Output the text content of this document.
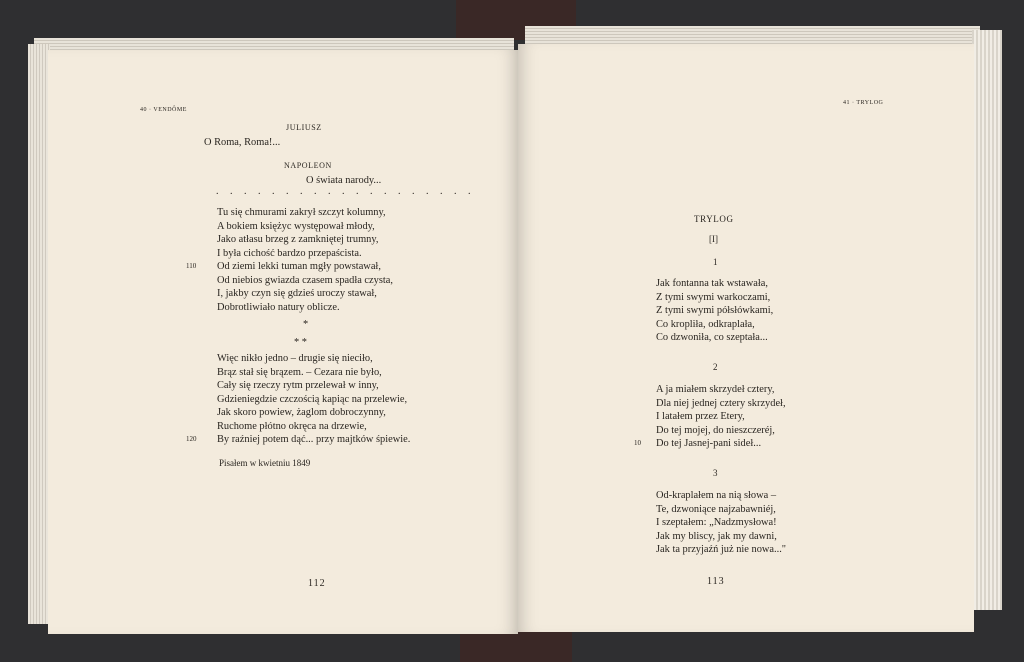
40 · VENDÔME
JULIUSZ
O Roma, Roma!...
NAPOLEON
O świata narody...
. . . . . . . . . . . . . . . . . . .
Tu się chmurami zakrył szczyt kolumny,
A bokiem księżyc występował młody,
Jako atłasu brzeg z zamkniętej trumny,
I była cichość bardzo przepaścista.
110 Od ziemi lekki tuman mgły powstawał,
Od niebios gwiazda czasem spadła czysta,
I, jakby czyn się gdzieś uroczy stawał,
Dobrotliwiało natury oblicze.
*
* *
Więc nikło jedno – drugie się nieciło,
Brąz stał się brązem. – Cezara nie było,
Cały się rzeczy rytm przelewał w inny,
Gdzieniegdzie czczością kapiąc na przelewie,
Jak skoro powiew, żaglom dobroczynny,
Ruchome płótno okręca na drzewie,
120 By raźniej potem dąć... przy majtków śpiewie.
Pisałem w kwietniu 1849
112
41 · TRYLOG
TRYLOG
[I]
1
Jak fontanna tak wstawała,
Z tymi swymi warkoczami,
Z tymi swymi półsłówkami,
Co kropliła, odkraplała,
Co dzwoniła, co szeptała...
2
A ja miałem skrzydeł cztery,
Dla niej jednej cztery skrzydeł,
I latałem przez Etery,
Do tej mojej, do nieszczeréj,
10 Do tej Jasnej-pani sideł...
3
Od-kraplałem na nią słowa –
Te, dzwoniące najzabawniéj,
I szeptałem: „Nadzmysłowa!
Jak my bliscy, jak my dawni,
Jak ta przyjaźń już nie nowa..."
113
